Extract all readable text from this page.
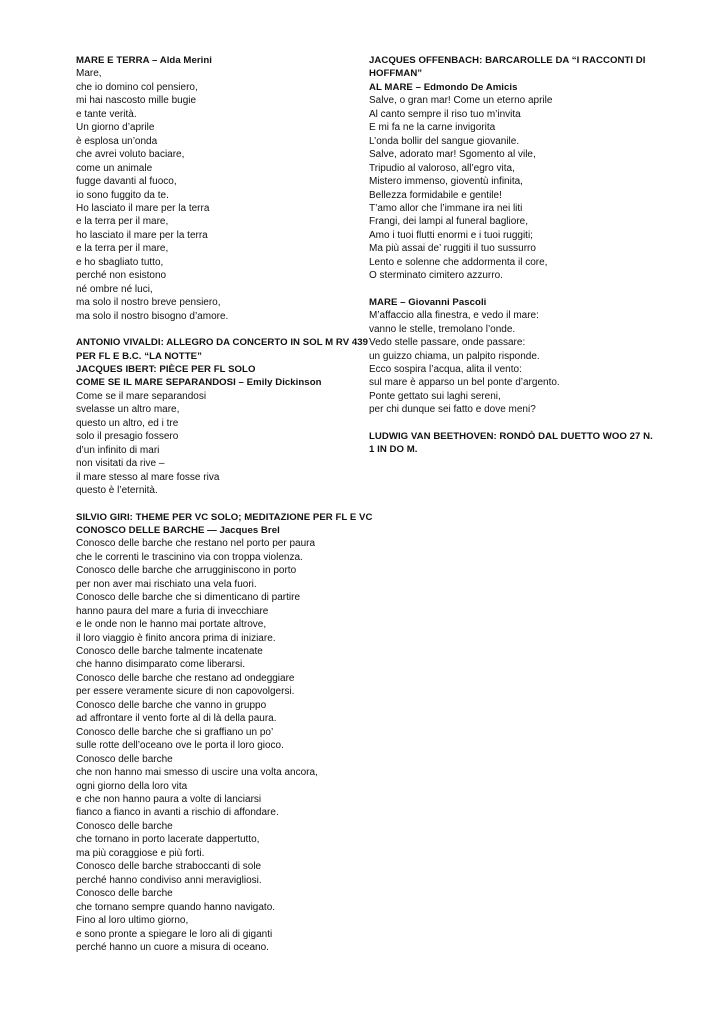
MARE E TERRA – Alda Merini
Mare,
che io domino col pensiero,
mi hai nascosto mille bugie
e tante verità.
Un giorno d’aprile
è esplosa un’onda
che avrei voluto baciare,
come un animale
fugge davanti al fuoco,
io sono fuggito da te.
Ho lasciato il mare per la terra
e la terra per il mare,
ho lasciato il mare per la terra
e la terra per il mare,
e ho sbagliato tutto,
perché non esistono
né ombre né luci,
ma solo il nostro breve pensiero,
ma solo il nostro bisogno d’amore.
ANTONIO VIVALDI: ALLEGRO DA CONCERTO IN SOL M RV 439
PER FL E B.C. “LA NOTTE”
JACQUES IBERT: PIÈCE PER FL SOLO
COME SE IL MARE SEPARANDOSI – Emily Dickinson
Come se il mare separandosi
svelasse un altro mare,
questo un altro, ed i tre
solo il presagio fossero
d’un infinito di mari
non visitati da rive –
il mare stesso al mare fosse riva
questo è l’eternità.
SILVIO GIRI: THEME PER VC SOLO; MEDITAZIONE PER FL E VC
CONOSCO DELLE BARCHE — Jacques Brel
Conosco delle barche che restano nel porto per paura
che le correnti le trascinino via con troppa violenza.
Conosco delle barche che arrugginiscono in porto
per non aver mai rischiato una vela fuori.
Conosco delle barche che si dimenticano di partire
hanno paura del mare a furia di invecchiare
e le onde non le hanno mai portate altrove,
il loro viaggio è finito ancora prima di iniziare.
Conosco delle barche talmente incatenate
che hanno disimparato come liberarsi.
Conosco delle barche che restano ad ondeggiare
per essere veramente sicure di non capovolgersi.
Conosco delle barche che vanno in gruppo
ad affrontare il vento forte al di là della paura.
Conosco delle barche che si graffiano un po’
sulle rotte dell’oceano ove le porta il loro gioco.
Conosco delle barche
che non hanno mai smesso di uscire una volta ancora,
ogni giorno della loro vita
e che non hanno paura a volte di lanciarsi
fianco a fianco in avanti a rischio di affondare.
Conosco delle barche
che tornano in porto lacerate dappertutto,
ma più coraggiose e più forti.
Conosco delle barche straboccanti di sole
perché hanno condiviso anni meravigliosi.
Conosco delle barche
che tornano sempre quando hanno navigato.
Fino al loro ultimo giorno,
e sono pronte a spiegare le loro ali di giganti
perché hanno un cuore a misura di oceano.
JACQUES OFFENBACH: BARCAROLLE DA “I RACCONTI DI
HOFFMAN”
AL MARE – Edmondo De Amicis
Salve, o gran mar! Come un eterno aprile
Al canto sempre il riso tuo m’invita
E mi fa ne la carne invigorita
L’onda bollir del sangue giovanile.
Salve, adorato mar! Sgomento al vile,
Tripudio al valoroso, all’egro vita,
Mistero immenso, gioventù infinita,
Bellezza formidabile e gentile!
T’amo allor che l’immane ira nei liti
Frangi, dei lampi al funeral bagliore,
Amo i tuoi flutti enormi e i tuoi ruggiti;
Ma più assai de’ ruggiti il tuo sussurro
Lento e solenne che addormenta il core,
O sterminato cimitero azzurro.
MARE – Giovanni Pascoli
M’affaccio alla finestra, e vedo il mare:
vanno le stelle, tremolano l’onde.
Vedo stelle passare, onde passare:
un guizzo chiama, un palpito risponde.
Ecco sospira l’acqua, alita il vento:
sul mare è apparso un bel ponte d’argento.
Ponte gettato sui laghi sereni,
per chi dunque sei fatto e dove meni?
LUDWIG VAN BEETHOVEN: RONDÒ DAL DUETTO WOO 27 N.
1 IN DO M.
